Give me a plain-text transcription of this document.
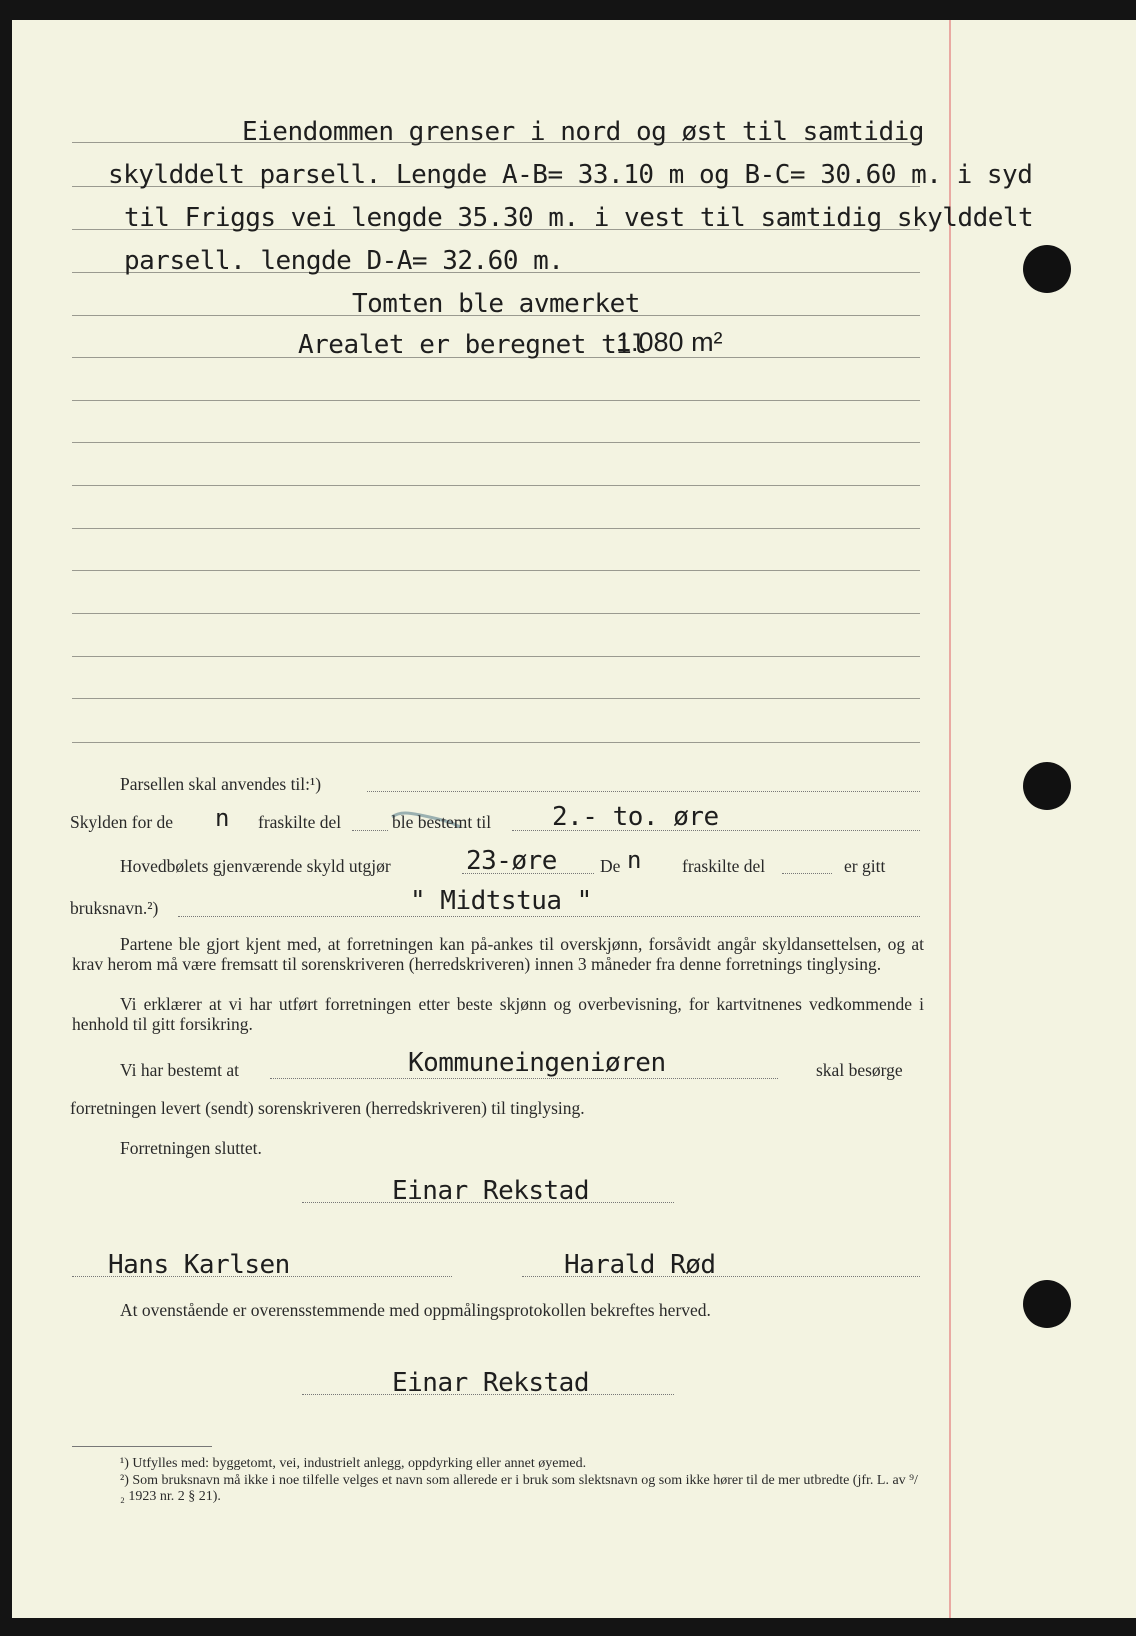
Eiendommen grenser i nord og øst til samtidig
skylddelt parsell. Lengde A-B= 33.10 m og B-C= 30.60 m. i syd
til Friggs vei lengde 35.30 m. i vest til samtidig skylddelt
parsell. lengde D-A= 32.60 m.
Tomten ble avmerket
Arealet er beregnet til
1.080 m²
Parsellen skal anvendes til:¹)
Skylden for de n fraskilte del	ble bestemt til 2.- to. øre
Hovedbølets gjenværende skyld utgjør	23-øre De n fraskilte del	er gitt
bruksnavn.²)	" Midtstua "
Partene ble gjort kjent med, at forretningen kan på-ankes til overskjønn, forsåvidt angår skyldansettelsen, og at krav herom må være fremsatt til sorenskriveren (herredskriveren) innen 3 måneder fra denne forretnings tinglysing.
Vi erklærer at vi har utført forretningen etter beste skjønn og overbevisning, for kartvitnenes vedkommende i henhold til gitt forsikring.
Vi har bestemt at	Kommuneingeniøren	skal besørge
forretningen levert (sendt) sorenskriveren (herredskriveren) til tinglysing.
Forretningen sluttet.
Einar Rekstad
Hans Karlsen	Harald Rød
At ovenstående er overensstemmende med oppmålingsprotokollen bekreftes herved.
Einar Rekstad
¹) Utfylles med: byggetomt, vei, industrielt anlegg, oppdyrking eller annet øyemed.
²) Som bruksnavn må ikke i noe tilfelle velges et navn som allerede er i bruk som slektsnavn og som ikke hører til de mer utbredte (jfr. L. av ⁹/₂ 1923 nr. 2 § 21).
